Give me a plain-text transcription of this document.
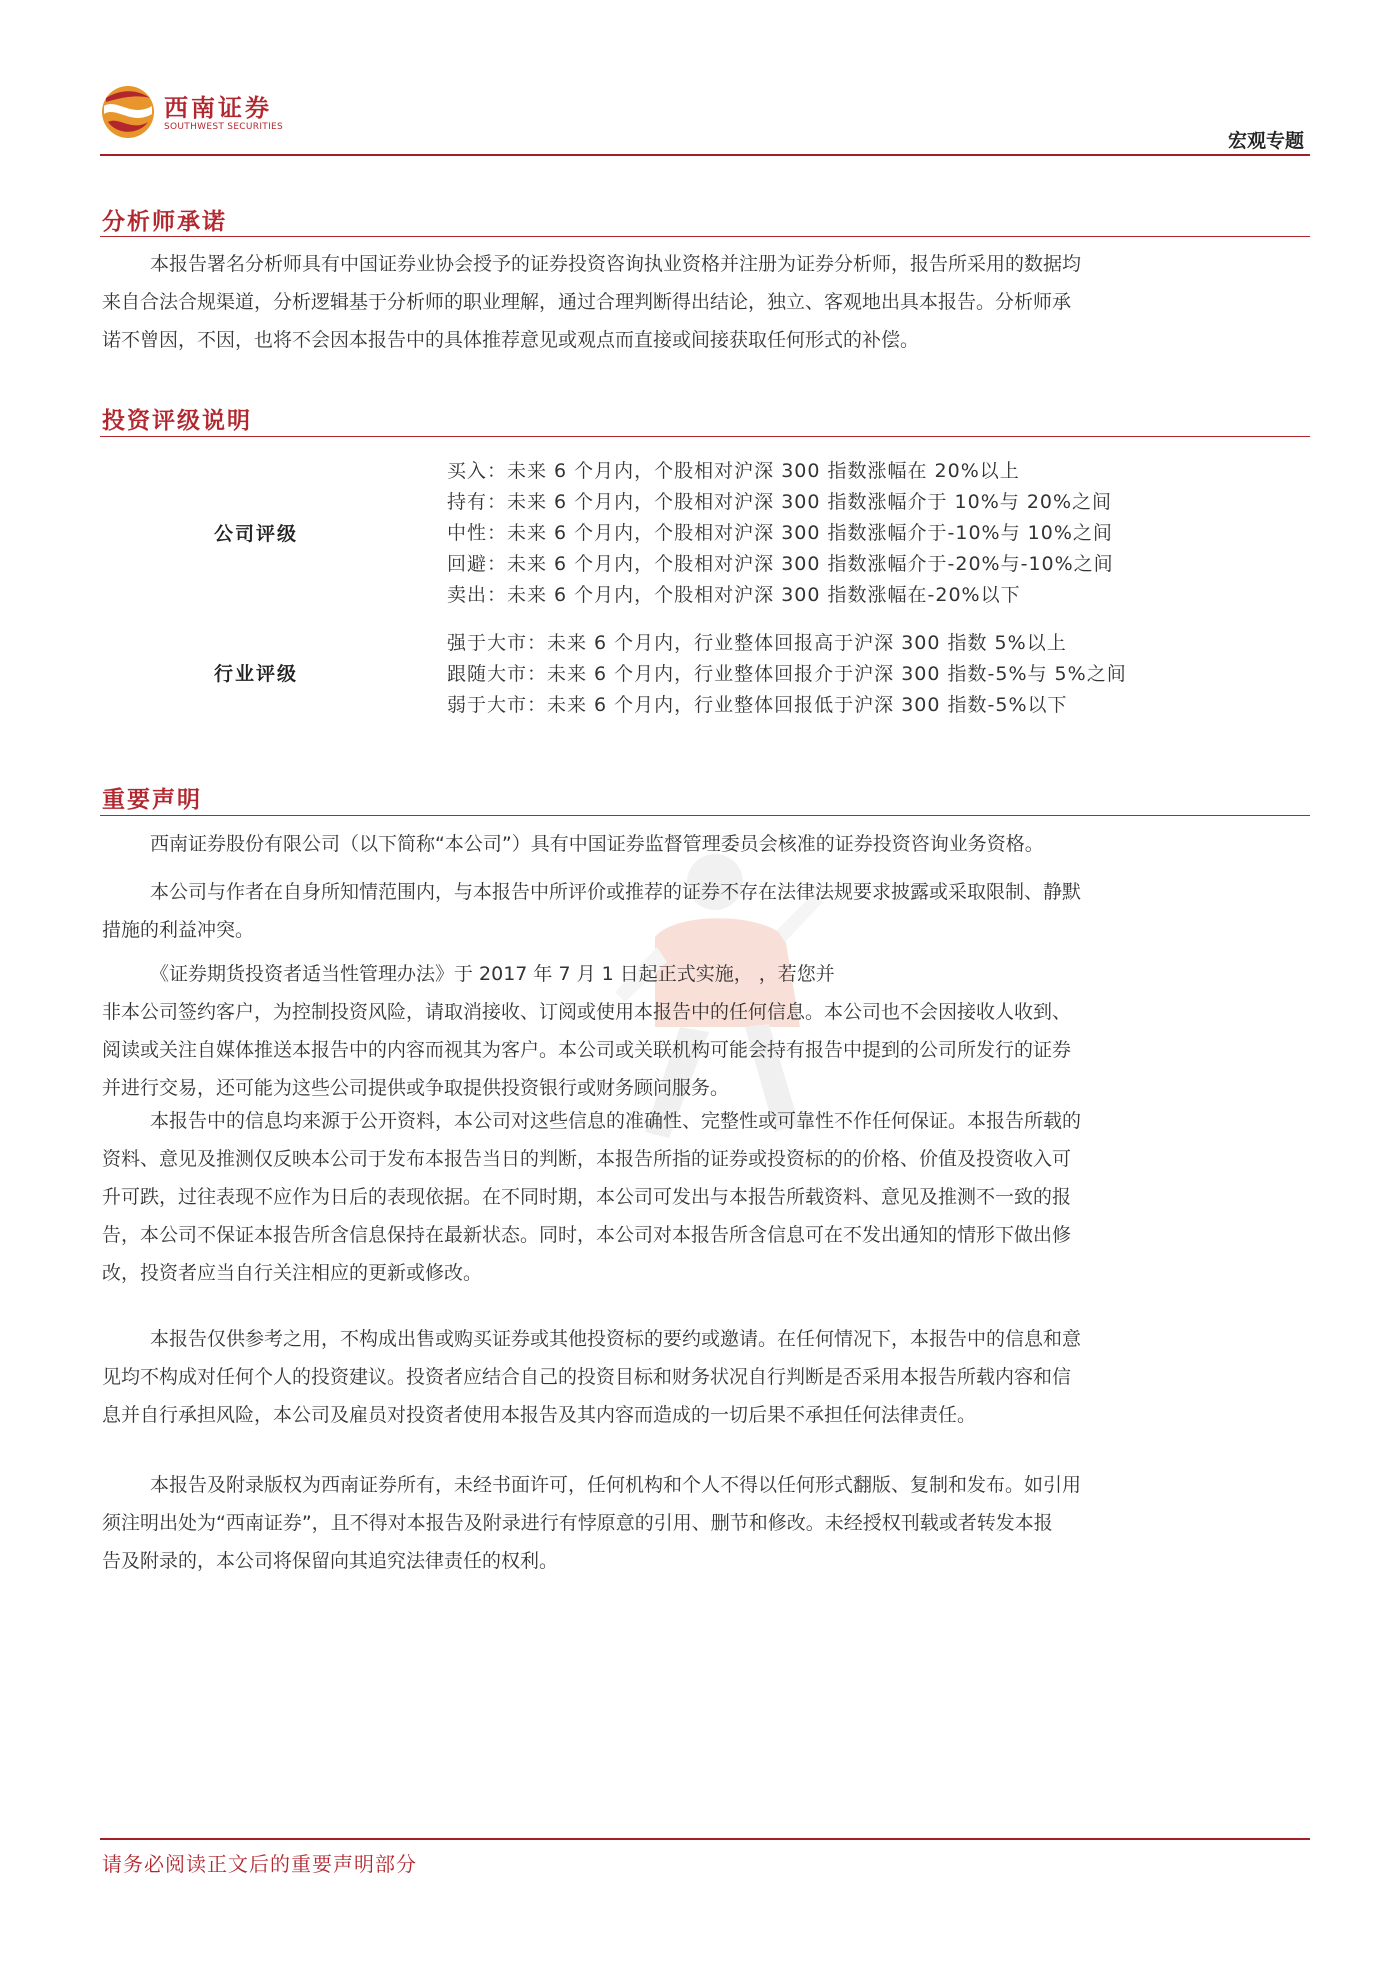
西南证券
SOUTHWEST SECURITIES
宏观专题
分析师承诺
本报告署名分析师具有中国证券业协会授予的证券投资咨询执业资格并注册为证券分析师，报告所采用的数据均
来自合法合规渠道，分析逻辑基于分析师的职业理解，通过合理判断得出结论，独立、客观地出具本报告。分析师承
诺不曾因，不因，也将不会因本报告中的具体推荐意见或观点而直接或间接获取任何形式的补偿。
投资评级说明
公司评级
买入：未来 6 个月内，个股相对沪深 300 指数涨幅在 20%以上
持有：未来 6 个月内，个股相对沪深 300 指数涨幅介于 10%与 20%之间
中性：未来 6 个月内，个股相对沪深 300 指数涨幅介于-10%与 10%之间
回避：未来 6 个月内，个股相对沪深 300 指数涨幅介于-20%与-10%之间
卖出：未来 6 个月内，个股相对沪深 300 指数涨幅在-20%以下
行业评级
强于大市：未来 6 个月内，行业整体回报高于沪深 300 指数 5%以上
跟随大市：未来 6 个月内，行业整体回报介于沪深 300 指数-5%与 5%之间
弱于大市：未来 6 个月内，行业整体回报低于沪深 300 指数-5%以下
重要声明
西南证券股份有限公司（以下简称“本公司”）具有中国证券监督管理委员会核准的证券投资咨询业务资格。
本公司与作者在自身所知情范围内，与本报告中所评价或推荐的证券不存在法律法规要求披露或采取限制、静默
措施的利益冲突。
《证券期货投资者适当性管理办法》于 2017 年 7 月 1 日起正式实施， ，若您并
非本公司签约客户，为控制投资风险，请取消接收、订阅或使用本报告中的任何信息。本公司也不会因接收人收到、
阅读或关注自媒体推送本报告中的内容而视其为客户。本公司或关联机构可能会持有报告中提到的公司所发行的证券
并进行交易，还可能为这些公司提供或争取提供投资银行或财务顾问服务。
本报告中的信息均来源于公开资料，本公司对这些信息的准确性、完整性或可靠性不作任何保证。本报告所载的
资料、意见及推测仅反映本公司于发布本报告当日的判断，本报告所指的证券或投资标的的价格、价值及投资收入可
升可跌，过往表现不应作为日后的表现依据。在不同时期，本公司可发出与本报告所载资料、意见及推测不一致的报
告，本公司不保证本报告所含信息保持在最新状态。同时，本公司对本报告所含信息可在不发出通知的情形下做出修
改，投资者应当自行关注相应的更新或修改。
本报告仅供参考之用，不构成出售或购买证券或其他投资标的要约或邀请。在任何情况下，本报告中的信息和意
见均不构成对任何个人的投资建议。投资者应结合自己的投资目标和财务状况自行判断是否采用本报告所载内容和信
息并自行承担风险，本公司及雇员对投资者使用本报告及其内容而造成的一切后果不承担任何法律责任。
本报告及附录版权为西南证券所有，未经书面许可，任何机构和个人不得以任何形式翻版、复制和发布。如引用
须注明出处为“西南证券”，且不得对本报告及附录进行有悖原意的引用、删节和修改。未经授权刊载或者转发本报
告及附录的，本公司将保留向其追究法律责任的权利。
请务必阅读正文后的重要声明部分
